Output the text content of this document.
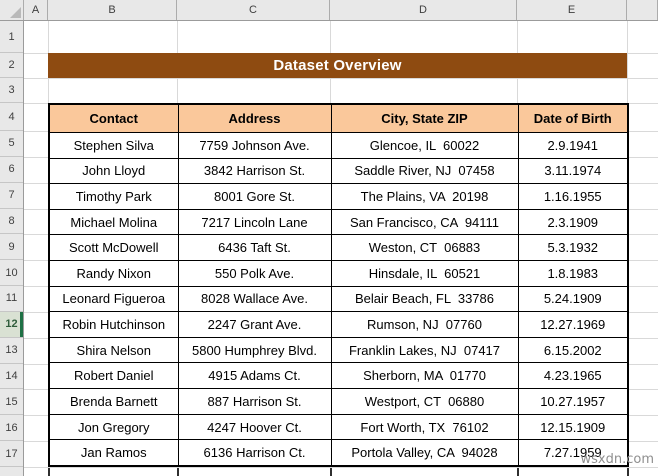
A	B	C	D	E
1
2
3
4
5
6
7
8
9
10
11
12
13
14
15
16
17
Dataset Overview
Contact	Address	City, State ZIP	Date of Birth
Stephen Silva	7759 Johnson Ave.	Glencoe, IL  60022	2.9.1941
John Lloyd	3842 Harrison St.	Saddle River, NJ  07458	3.11.1974
Timothy Park	8001 Gore St.	The Plains, VA  20198	1.16.1955
Michael Molina	7217 Lincoln Lane	San Francisco, CA  94111	2.3.1909
Scott McDowell	6436 Taft St.	Weston, CT  06883	5.3.1932
Randy Nixon	550 Polk Ave.	Hinsdale, IL  60521	1.8.1983
Leonard Figueroa	8028 Wallace Ave.	Belair Beach, FL  33786	5.24.1909
Robin Hutchinson	2247 Grant Ave.	Rumson, NJ  07760	12.27.1969
Shira Nelson	5800 Humphrey Blvd.	Franklin Lakes, NJ  07417	6.15.2002
Robert Daniel	4915 Adams Ct.	Sherborn, MA  01770	4.23.1965
Brenda Barnett	887 Harrison St.	Westport, CT  06880	10.27.1957
Jon Gregory	4247 Hoover Ct.	Fort Worth, TX  76102	12.15.1909
Jan Ramos	6136 Harrison Ct.	Portola Valley, CA  94028	7.27.1959
wsxdn.com
